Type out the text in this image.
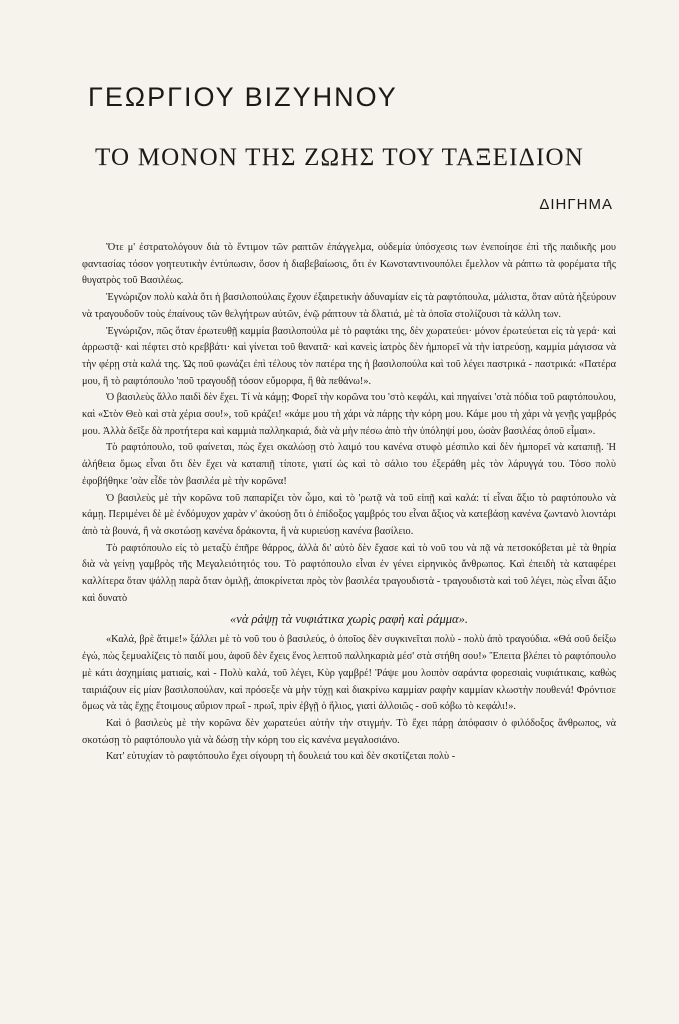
ΓΕΩΡΓΙΟΥ ΒΙΖΥΗΝΟΥ
ΤΟ ΜΟΝΟΝ ΤΗΣ ΖΩΗΣ ΤΟΥ ΤΑΞΕΙΔΙΟΝ
ΔΙΗΓΗΜΑ

Ὅτε μ' ἐστρατολόγουν διὰ τὸ ἔντιμον τῶν ραπτῶν ἐπάγγελμα, οὐδεμία ὑπόσχεσις των ἐνεποίησε ἐπὶ τῆς παιδικῆς μου φαντασίας τόσον γοητευτικὴν ἐντύπωσιν, ὅσον ἡ διαβεβαίωσις, ὅτι ἐν Κωνσταντινουπόλει ἔμελλον νὰ ράπτω τὰ φορέματα τῆς θυγατρὸς τοῦ Βασιλέως.

Ἐγνώριζον πολὺ καλὰ ὅτι ἡ βασιλοπούλαις ἔχουν ἐξαιρετικὴν ἀδυναμίαν εἰς τὰ ραφτόπουλα, μάλιστα, ὅταν αὐτὰ ἠξεύρουν νὰ τραγουδοῦν τοὺς ἐπαίνους τῶν θελγήτρων αὐτῶν, ἐνῷ ράπτουν τὰ δλατιά, μὲ τὰ ὁποῖα στολίζουσι τὰ κάλλη των.

Ἐγνώριζον, πῶς ὅταν ἐρωτευθῇ καμμία βασιλοπούλα μὲ τὸ ραφτάκι της, δὲν χωρατεύει· μόνον ἐρωτεύεται εἰς τὰ γερά· καὶ ἀρρωστᾷ· καὶ πέφτει στὸ κρεββάτι· καὶ γίνεται τοῦ θανατᾶ· καὶ κανεὶς ἰατρὸς δὲν ἠμπορεῖ νὰ τὴν ἰατρεύσῃ, καμμία μάγισσα νὰ τὴν φέρῃ στὰ καλά της. Ὡς ποῦ φωνάζει ἐπὶ τέλους τὸν πατέρα της ἡ βασιλοπούλα καὶ τοῦ λέγει παστρικά - παστρικά: «Πατέρα μου, ἢ τὸ ραφτόπουλο 'ποῦ τραγουδῇ τόσον εὔμορφα, ἢ θὰ πεθάνω!».

Ὁ βασιλεὺς ἄλλο παιδὶ δὲν ἔχει. Τί νὰ κάμῃ; Φορεῖ τὴν κορῶνα του 'στὸ κεφάλι, καὶ πηγαίνει 'στὰ πόδια τοῦ ραφτόπουλου, καὶ «Στὸν Θεὸ καὶ στὰ χέρια σου!», τοῦ κράζει! «κάμε μου τὴ χάρι νὰ πάρῃς τὴν κόρη μου. Κάμε μου τὴ χάρι νὰ γενῇς γαμβρός μου. Ἀλλὰ δεῖξε δὰ προτήτερα καὶ καμμιὰ παλληκαριά, διὰ νὰ μὴν πέσω ἀπὸ τὴν ὑπόληψί μου, ὡσὰν βασιλέας ὁποῦ εἶμαι».

Τὸ ραφτόπουλο, τοῦ φαίνεται, πὼς ἔχει σκαλώσῃ στὸ λαιμό του κανένα στυφὸ μέσπιλο καὶ δὲν ἠμπορεῖ νὰ καταπιῇ. Ἡ ἀλήθεια ὅμως εἶναι ὅτι δὲν ἔχει νὰ καταπιῇ τίποτε, γιατί ὡς καὶ τὸ σάλιο του ἐξεράθη μὲς τὸν λάρυγγά του. Τόσο πολὺ ἐφοβήθηκε 'σὰν εἶδε τὸν βασιλέα μὲ τὴν κορῶνα!

Ὁ βασιλεὺς μὲ τὴν κορῶνα τοῦ παπαρίζει τὸν ὦμο, καὶ τὸ 'ρωτᾷ νὰ τοῦ εἰπῇ καὶ καλά: τί εἶναι ἄξιο τὸ ραφτόπουλο νὰ κάμῃ. Περιμένει δὲ μὲ ἐνδόμυχον χαρὰν ν' ἀκούσῃ ὅτι ὁ ἐπίδοξος γαμβρός του εἶναι ἄξιος νὰ κατεβάσῃ κανένα ζωντανὸ λιοντάρι ἀπὸ τὰ βουνά, ἢ νὰ σκοτώσῃ κανένα δράκοντα, ἢ νὰ κυριεύσῃ κανένα βασίλειο.

Τὸ ραφτόπουλο εἰς τὸ μεταξὺ ἐπῆρε θάρρος, ἀλλὰ δι' αὐτὸ δὲν ἔχασε καὶ τὸ νοῦ του νὰ πᾷ νὰ πετσοκόβεται μὲ τὰ θηρία διὰ νὰ γείνῃ γαμβρὸς τῆς Μεγαλειότητός του. Τὸ ραφτόπουλο εἶναι ἐν γένει εἰρηνικὸς ἄνθρωπος. Καὶ ἐπειδὴ τὰ καταφέρει καλλίτερα ὅταν ψάλλῃ παρὰ ὅταν ὁμιλῇ, ἀποκρίνεται πρὸς τὸν βασιλέα τραγουδιστὰ - τραγουδιστὰ καὶ τοῦ λέγει, πὼς εἶναι ἄξιο καὶ δυνατὸ

«νὰ ράψῃ τὰ νυφιάτικα χωρὶς ραφὴ καὶ ράμμα».

«Καλά, βρὲ ἄτιμε!» ξάλλει μὲ τὸ νοῦ του ὁ βασιλεύς, ὁ ὁποῖος δὲν συγκινεῖται πολὺ - πολὺ ἀπὸ τραγούδια. «Θά σοῦ δείξω ἐγώ, πὼς ξεμυαλίζεις τὸ παιδί μου, ἀφοῦ δὲν ἔχεις ἕνος λεπτοῦ παλληκαριὰ μέσ' στὰ στήθη σου!» Ἔπειτα βλέπει τὸ ραφτόπουλο μὲ κάτι ἀσχημίαις ματιαίς, καὶ - Πολὺ καλά, τοῦ λέγει, Κὺρ γαμβρέ! Ῥάψε μου λοιπὸν σαράντα φορεσιαὶς νυφιάτικαις, καθὼς ταιριάζουν εἰς μίαν βασιλοπούλαν, καὶ πρόσεξε νὰ μὴν τύχῃ καὶ διακρίνω καμμίαν ραφὴν καμμίαν κλωστὴν πουθενά! Φρόντισε ὅμως νὰ τὰς ἔχῃς ἕτοιμους αὔριον πρωΐ - πρωΐ, πρὶν ἐβγῇ ὁ ἥλιος, γιατὶ ἀλλοιῶς - σοῦ κόβω τὸ κεφάλι!».

Καὶ ὁ βασιλεὺς μὲ τὴν κορῶνα δὲν χωρατεύει αὐτὴν τὴν στιγμήν. Τὸ ἔχει πάρῃ ἀπόφασιν ὁ φιλόδοξος ἄνθρωπος, νὰ σκοτώσῃ τὸ ραφτόπουλο γιὰ νὰ δώσῃ τὴν κόρη του εἰς κανένα μεγαλοσιάνο.

Κατ' εὐτυχίαν τὸ ραφτόπουλο ἔχει σίγουρη τὴ δουλειά του καὶ δὲν σκοτίζεται πολὺ -
